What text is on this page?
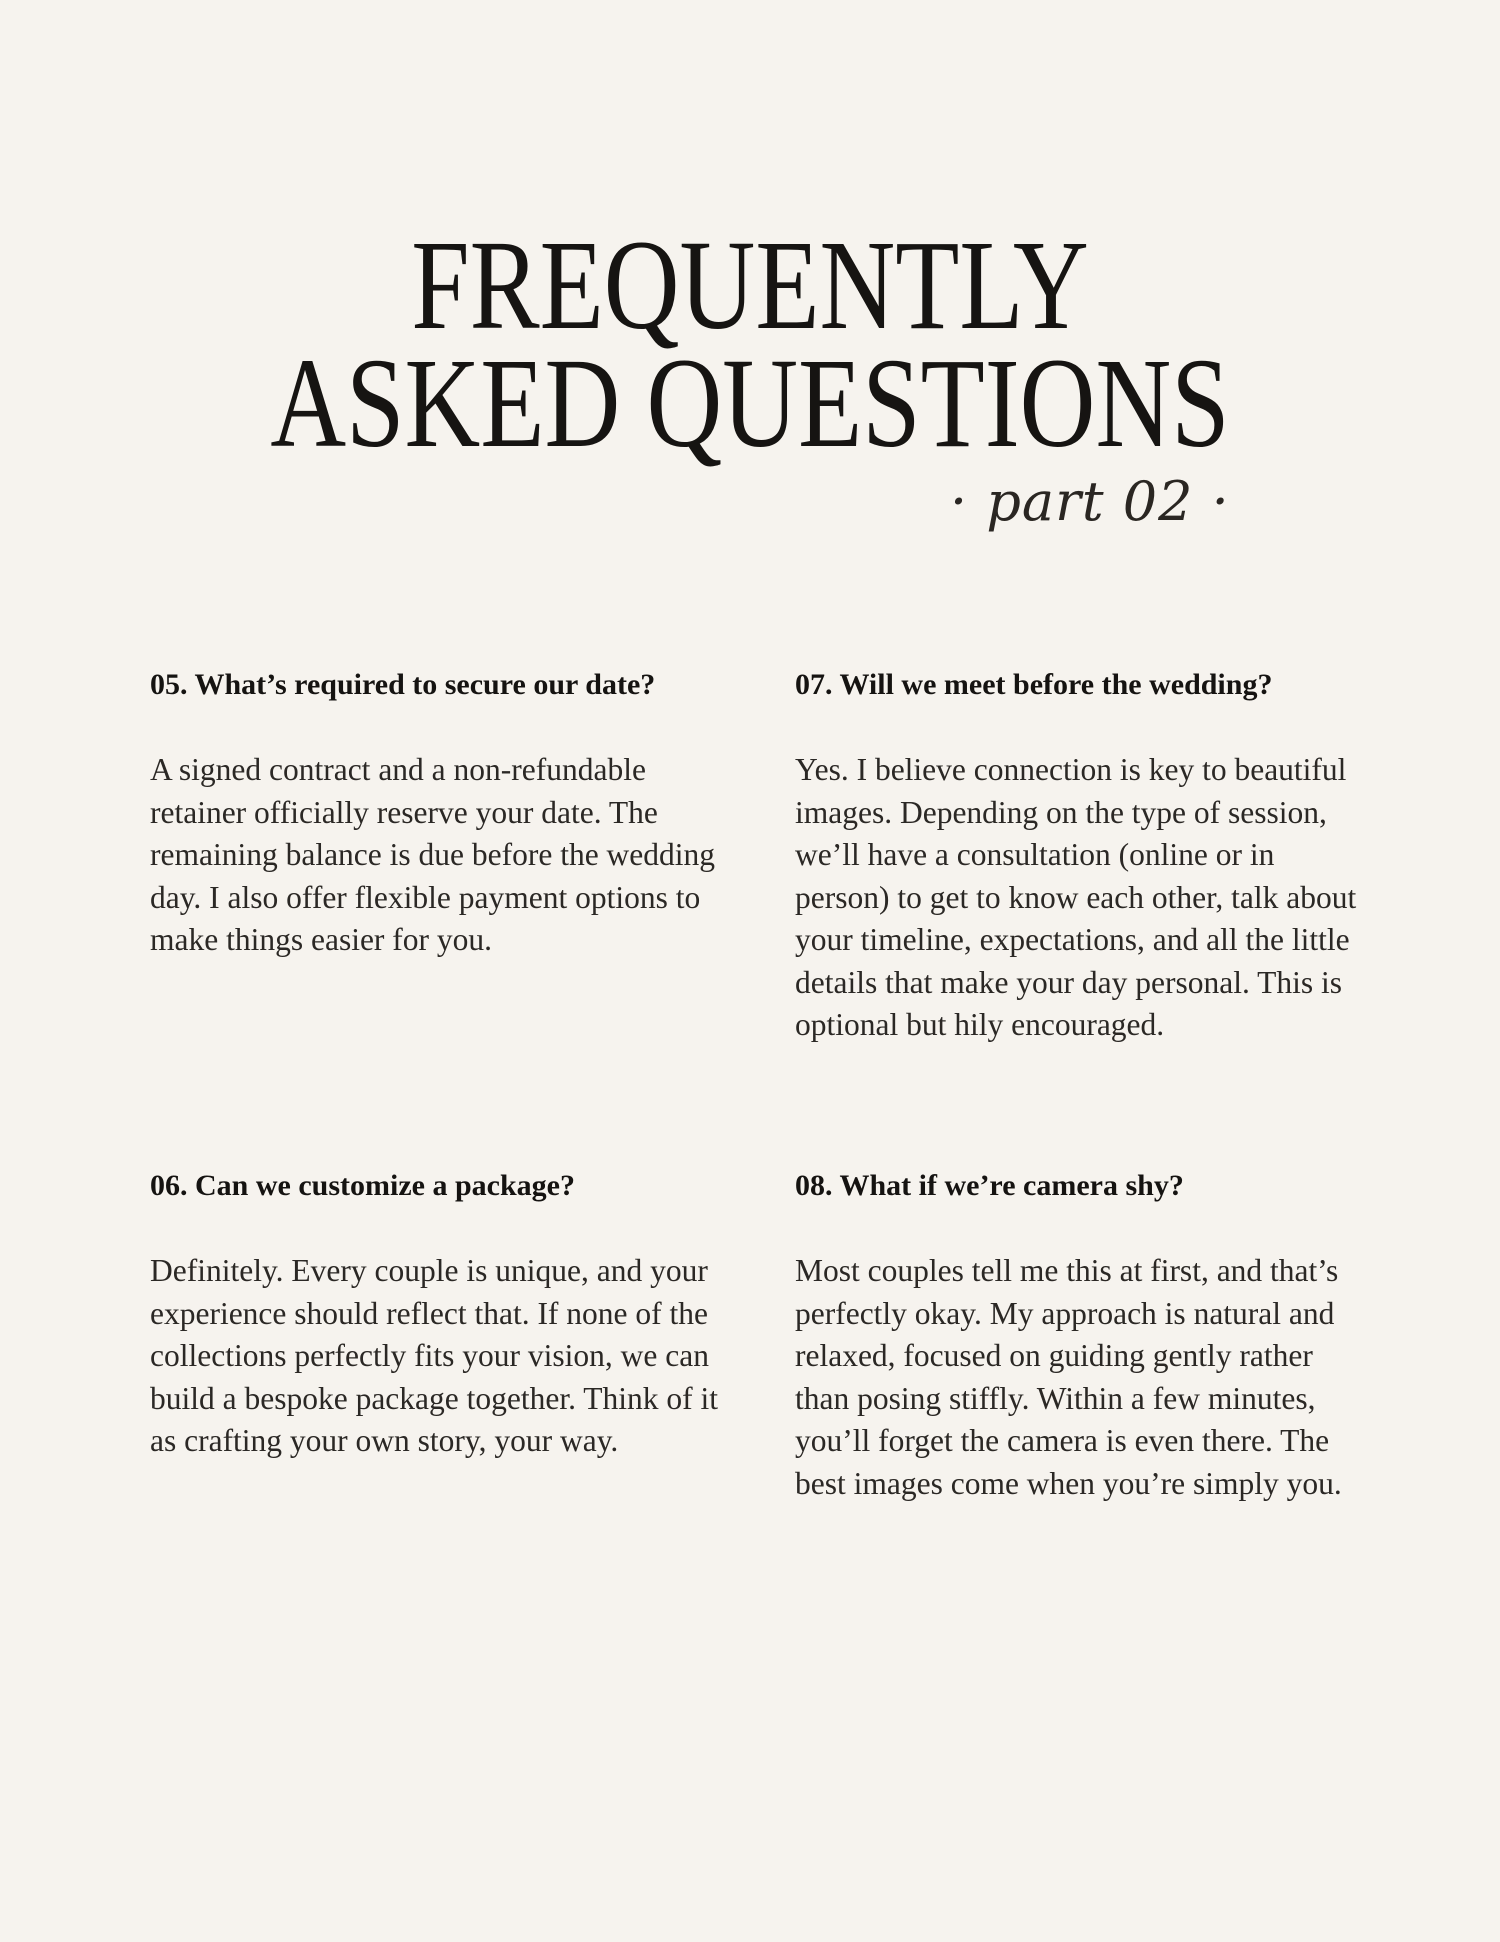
FREQUENTLY
ASKED QUESTIONS
· part 02 ·

05. What’s required to secure our date?

A signed contract and a non-refundable retainer officially reserve your date. The remaining balance is due before the wedding day. I also offer flexible payment options to make things easier for you.

06. Can we customize a package?

Definitely. Every couple is unique, and your experience should reflect that. If none of the collections perfectly fits your vision, we can build a bespoke package together. Think of it as crafting your own story, your way.

07. Will we meet before the wedding?

Yes. I believe connection is key to beautiful images. Depending on the type of session, we’ll have a consultation (online or in person) to get to know each other, talk about your timeline, expectations, and all the little details that make your day personal. This is optional but hily encouraged.

08. What if we’re camera shy?

Most couples tell me this at first, and that’s perfectly okay. My approach is natural and relaxed, focused on guiding gently rather than posing stiffly. Within a few minutes, you’ll forget the camera is even there. The best images come when you’re simply you.
